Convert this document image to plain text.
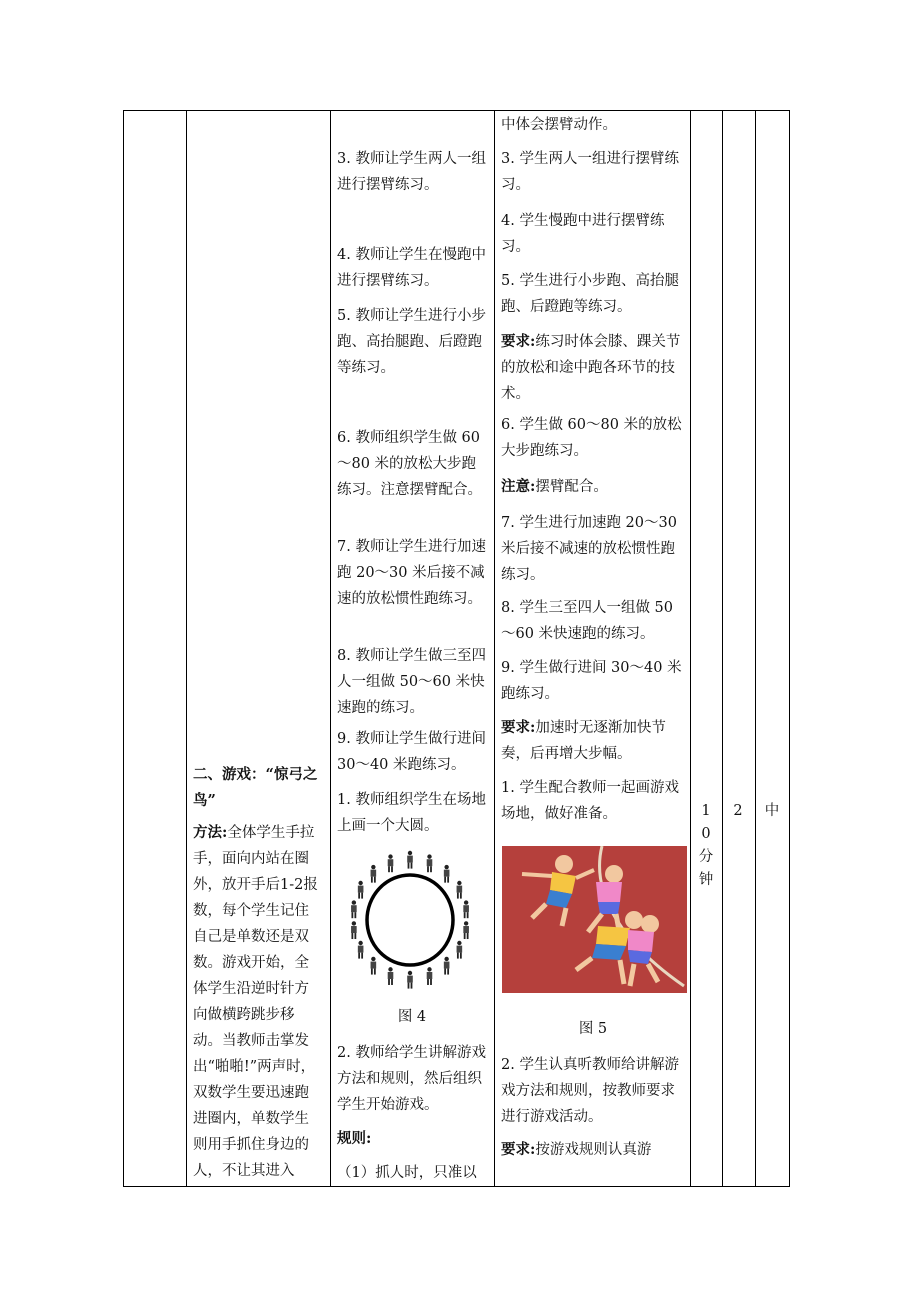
二、游戏：“惊弓之鸟”

方法:全体学生手拉手，面向内站在圈外，放开手后1-2报数，每个学生记住自己是单数还是双数。游戏开始，全体学生沿逆时针方向做横跨跳步移动。当教师击掌发出“啪啪!”两声时，双数学生要迅速跑进圈内，单数学生则用手抓住身边的人，不让其进入

3. 教师让学生两人一组进行摆臂练习。
4. 教师让学生在慢跑中进行摆臂练习。
5. 教师让学生进行小步跑、高抬腿跑、后蹬跑等练习。
6. 教师组织学生做 60～80 米的放松大步跑练习。注意摆臂配合。
7. 教师让学生进行加速跑 20～30 米后接不减速的放松惯性跑练习。
8. 教师让学生做三至四人一组做 50～60 米快速跑的练习。
9. 教师让学生做行进间 30～40 米跑练习。
1. 教师组织学生在场地上画一个大圆。
图 4
2. 教师给学生讲解游戏方法和规则，然后组织学生开始游戏。
规则:
（1）抓人时，只准以
中体会摆臂动作。
3. 学生两人一组进行摆臂练习。
4. 学生慢跑中进行摆臂练习。
5. 学生进行小步跑、高抬腿跑、后蹬跑等练习。
要求:练习时体会膝、踝关节的放松和途中跑各环节的技术。
6. 学生做 60～80 米的放松大步跑练习。
注意:摆臂配合。
7. 学生进行加速跑 20～30 米后接不减速的放松惯性跑练习。
8. 学生三至四人一组做 50～60 米快速跑的练习。
9. 学生做行进间 30～40 米跑练习。
要求:加速时无逐渐加快节奏，后再增大步幅。
1. 学生配合教师一起画游戏场地，做好准备。
图 5
2. 学生认真听教师给讲解游戏方法和规则，按教师要求进行游戏活动。
要求:按游戏规则认真游
1
0
分
钟
2	中
